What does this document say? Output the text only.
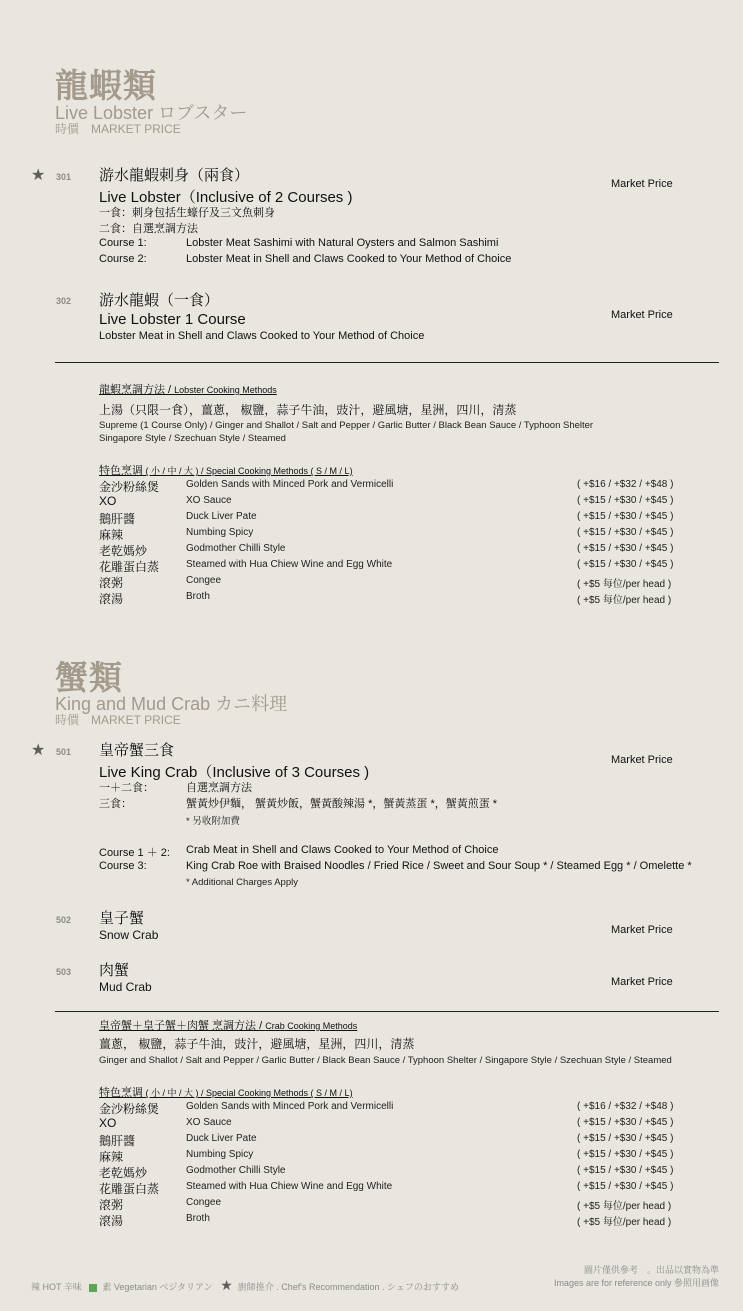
龍蝦類
Live Lobster ロブスター
時價　MARKET PRICE
★ 301 游水龍蝦刺身（兩食）
Live Lobster（Inclusive of 2 Courses )
一食：刺身包括生蠔仔及三文魚刺身
二食：自選烹調方法
Course 1:	Lobster Meat Sashimi with Natural Oysters and Salmon Sashimi
Course 2:	Lobster Meat in Shell and Claws Cooked to Your Method of Choice
Market Price
302 游水龍蝦（一食）
Live Lobster 1 Course
Lobster Meat in Shell and Claws Cooked to Your Method of Choice
Market Price
龍蝦烹調方法 / Lobster Cooking Methods
上湯（只限一食），薑蔥， 椒鹽，蒜子牛油，豉汁，避風塘，星洲，四川，清蒸
Supreme (1 Course Only) / Ginger and Shallot / Salt and Pepper / Garlic Butter / Black Bean Sauce / Typhoon Shelter
Singapore Style / Szechuan Style / Steamed
特色烹调 ( 小 / 中 / 大 ) / Special Cooking Methods ( S / M / L)
金沙粉絲煲	Golden Sands with Minced Pork and Vermicelli	( +$16 / +$32 / +$48 )
XO	XO Sauce	( +$15 / +$30 / +$45 )
鵝肝醬	Duck Liver Pate	( +$15 / +$30 / +$45 )
麻辣	Numbing Spicy	( +$15 / +$30 / +$45 )
老乾媽炒	Godmother Chilli Style	( +$15 / +$30 / +$45 )
花雕蛋白蒸	Steamed with Hua Chiew Wine and Egg White	( +$15 / +$30 / +$45 )
滾粥	Congee	( +$5 每位/per head )
滾湯	Broth	( +$5 每位/per head )
蟹類
King and Mud Crab カニ料理
時價　MARKET PRICE
★ 501 皇帝蟹三食
Live King Crab（Inclusive of 3 Courses )
一＋二食：	自選烹調方法
三食：	蟹黃炒伊麵， 蟹黃炒飯，蟹黃酸辣湯 *，蟹黃蒸蛋 *，蟹黃煎蛋 *
* 另收附加費
Course 1 ＋ 2: Crab Meat in Shell and Claws Cooked to Your Method of Choice
Course 3:	King Crab Roe with Braised Noodles / Fried Rice / Sweet and Sour Soup * / Steamed Egg * / Omelette *
* Additional Charges Apply
Market Price
502 皇子蟹
Snow Crab	Market Price
503 肉蟹
Mud Crab	Market Price
皇帝蟹＋皇子蟹＋肉蟹 烹調方法 / Crab Cooking Methods
薑蔥， 椒鹽，蒜子牛油，豉汁，避風塘，星洲，四川，清蒸
Ginger and Shallot / Salt and Pepper / Garlic Butter / Black Bean Sauce / Typhoon Shelter / Singapore Style / Szechuan Style / Steamed
特色烹调 ( 小 / 中 / 大 ) / Special Cooking Methods ( S / M / L)
金沙粉絲煲	Golden Sands with Minced Pork and Vermicelli	( +$16 / +$32 / +$48 )
XO	XO Sauce	( +$15 / +$30 / +$45 )
鵝肝醬	Duck Liver Pate	( +$15 / +$30 / +$45 )
麻辣	Numbing Spicy	( +$15 / +$30 / +$45 )
老乾媽炒	Godmother Chilli Style	( +$15 / +$30 / +$45 )
花雕蛋白蒸	Steamed with Hua Chiew Wine and Egg White	( +$15 / +$30 / +$45 )
滾粥	Congee	( +$5 每位/per head )
滾湯	Broth	( +$5 每位/per head )
辣 HOT 辛味 素 Vegetarian ベジタリアン ★ 廚師推介 . Chef's Recommendation . シェフのおすすめ
圖片僅供參考　。出品以實物為準
Images are for reference only 參照用画像
